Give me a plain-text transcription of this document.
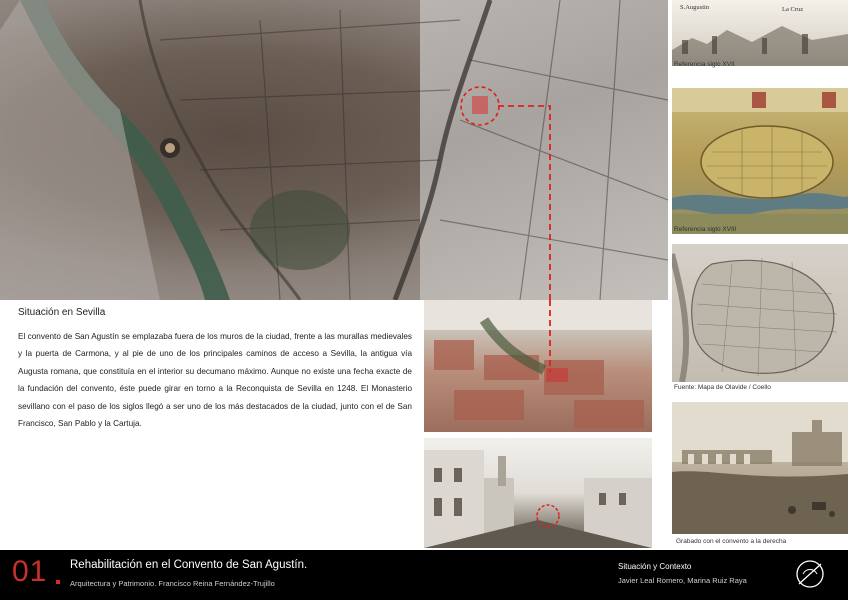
Situación en Sevilla

El convento de San Agustín se emplazaba fuera de los muros de la ciudad, frente a las murallas medievales y la puerta de Carmona, y al pie de uno de los principales caminos de acceso a Sevilla, la antigua vía Augusta romana, que constituía en el interior su decumano máximo. Aunque no existe una fecha exacte de la fundación del convento, éste puede girar en torno a la Reconquista de Sevilla en 1248. El Monasterio sevillano con el paso de los siglos llegó a ser uno de los más destacados de la ciudad, junto con el de San Francisco, San Pablo y la Cartuja.

S.Augustin	La Cruz
Referencia siglo XVII
Referencia siglo XVIII
Fuente: Mapa de Olavide / Coello
Grabado con el convento a la derecha
01 Rehabilitación en el Convento de San Agustín.
Arquitectura y Patrimonio. Francisco Reina Fernández-Trujillo
Situación y Contexto
Javier Leal Romero, Marina Ruiz Raya
